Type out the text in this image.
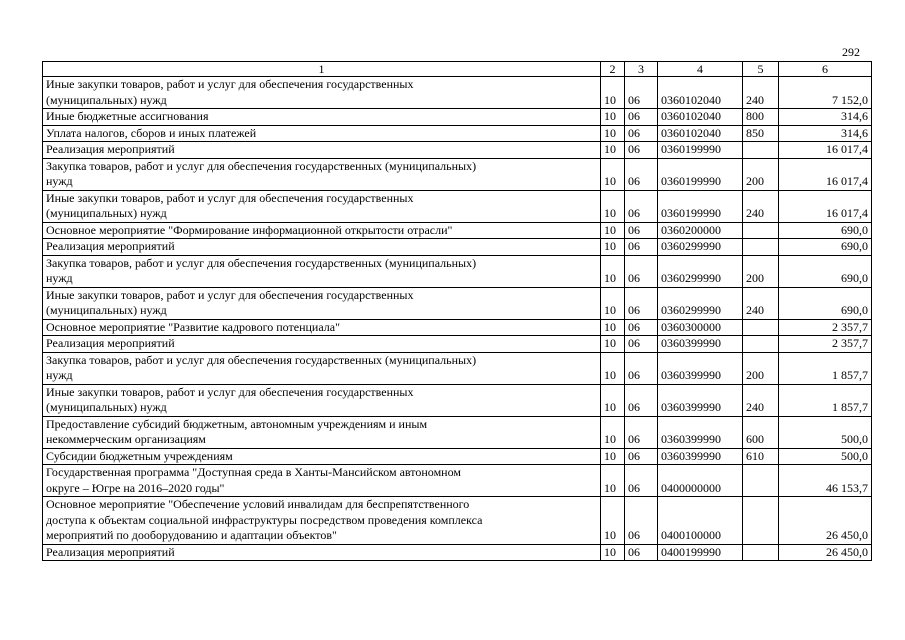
292
1	2	3	4	5	6
Иные закупки товаров, работ и услуг для обеспечения государственных
(муниципальных) нужд	10	06	0360102040	240	7 152,0
Иные бюджетные ассигнования	10	06	0360102040	800	314,6
Уплата налогов, сборов и иных платежей	10	06	0360102040	850	314,6
Реализация мероприятий	10	06	0360199990		16 017,4
Закупка товаров, работ и услуг для обеспечения государственных (муниципальных)
нужд	10	06	0360199990	200	16 017,4
Иные закупки товаров, работ и услуг для обеспечения государственных
(муниципальных) нужд	10	06	0360199990	240	16 017,4
Основное мероприятие "Формирование информационной открытости отрасли"	10	06	0360200000		690,0
Реализация мероприятий	10	06	0360299990		690,0
Закупка товаров, работ и услуг для обеспечения государственных (муниципальных)
нужд	10	06	0360299990	200	690,0
Иные закупки товаров, работ и услуг для обеспечения государственных
(муниципальных) нужд	10	06	0360299990	240	690,0
Основное мероприятие "Развитие кадрового потенциала"	10	06	0360300000		2 357,7
Реализация мероприятий	10	06	0360399990		2 357,7
Закупка товаров, работ и услуг для обеспечения государственных (муниципальных)
нужд	10	06	0360399990	200	1 857,7
Иные закупки товаров, работ и услуг для обеспечения государственных
(муниципальных) нужд	10	06	0360399990	240	1 857,7
Предоставление субсидий бюджетным, автономным учреждениям и иным
некоммерческим организациям	10	06	0360399990	600	500,0
Субсидии бюджетным учреждениям	10	06	0360399990	610	500,0
Государственная программа "Доступная среда в Ханты-Мансийском автономном
округе – Югре на 2016–2020 годы"	10	06	0400000000		46 153,7
Основное мероприятие "Обеспечение условий инвалидам для беспрепятственного
доступа к объектам социальной инфраструктуры посредством проведения комплекса
мероприятий по дооборудованию и адаптации объектов"	10	06	0400100000		26 450,0
Реализация мероприятий	10	06	0400199990		26 450,0
